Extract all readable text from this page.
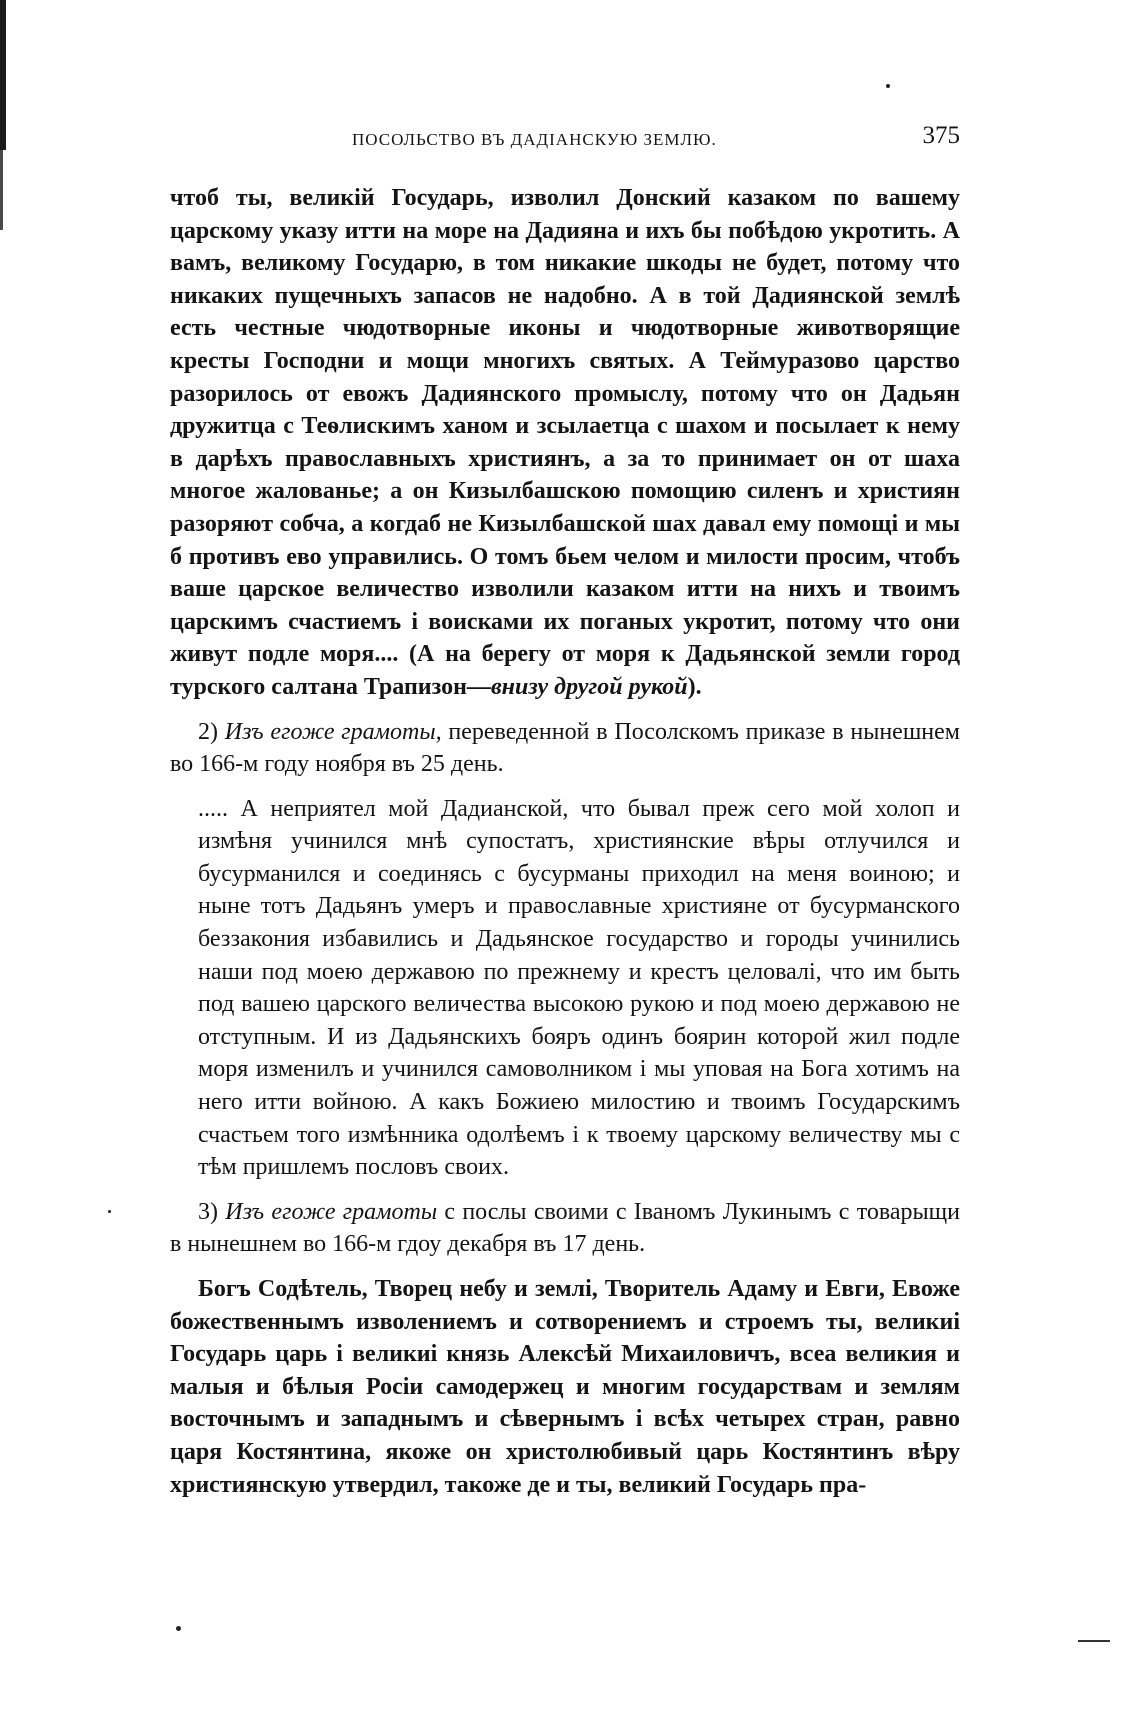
ПОСОЛЬСТВО ВЪ ДАДІАНСКУЮ ЗЕМЛЮ.	375

чтоб ты, великій Государь, изволил Донский казаком по вашему царскому указу итти на море на Дадияна и ихъ бы побѣдою укротить. А вамъ, великому Государю, в том никакие шкоды не будет, потому что никаких пущечныхъ запасов не надобно. А в той Дадиянской землѣ есть честные чюдотворные иконы и чюдотворные животворящие кресты Господни и мощи многихъ святых. А Теймуразово царство разорилось от евожъ Дадиянского промыслу, потому что он Дадьян дружитца с Теѳлискимъ ханом и зсылаетца с шахом и посылает к нему в дарѣхъ православныхъ християнъ, а за то принимает он от шаха многое жалованье; а он Кизылбашскою помощию силенъ и християн разоряют собча, а когдаб не Кизылбашской шах давал ему помощі и мы б противъ ево управились. О томъ бьем челом и милости просим, чтобъ ваше царское величество изволили казаком итти на нихъ и твоимъ царскимъ счастиемъ і воисками их поганых укротит, потому что они живут подле моря.... (А на берегу от моря к Дадьянской земли город турского салтана Трапизон—внизу другой рукой).

2) Изъ егоже грамоты, переведенной в Посолскомъ приказе в нынешнем во 166-м году ноября въ 25 день.

..... А неприятел мой Дадианской, что бывал преж сего мой холоп и измѣня учинился мнѣ супостатъ, християнские вѣры отлучился и бусурманился и соединясь с бусурманы приходил на меня воиною; и ныне тотъ Дадьянъ умеръ и православные християне от бусурманского беззакония избавились и Дадьянское государство и городы учинились наши под моею державою по прежнему и крестъ целовалі, что им быть под вашею царского величества высокою рукою и под моею державою не отступным. И из Дадьянскихъ бояръ одинъ боярин которой жил подле моря изменилъ и учинился самоволником і мы уповая на Бога хотимъ на него итти войною. А какъ Божиею милостию и твоимъ Государскимъ счастьем того измѣнника одолѣемъ і к твоему царскому величеству мы с тѣм пришлемъ пословъ своих.

3) Изъ егоже грамоты с послы своими с Іваномъ Лукинымъ с товарыщи в нынешнем во 166-м гдоу декабря въ 17 день.

Богъ Содѣтель, Творец небу и землі, Творитель Адаму и Евги, Евоже божественнымъ изволениемъ и сотворениемъ и строемъ ты, великиі Государь царь і великиі князь Алексѣй Михаиловичъ, всеа великия и малыя и бѣлыя Росіи самодержец и многим государствам и землям восточнымъ и западнымъ и сѣвернымъ і всѣх четырех стран, равно царя Костянтина, якоже он христолюбивый царь Костянтинъ вѣру християнскую утвердил, такоже де и ты, великий Государь пра-
